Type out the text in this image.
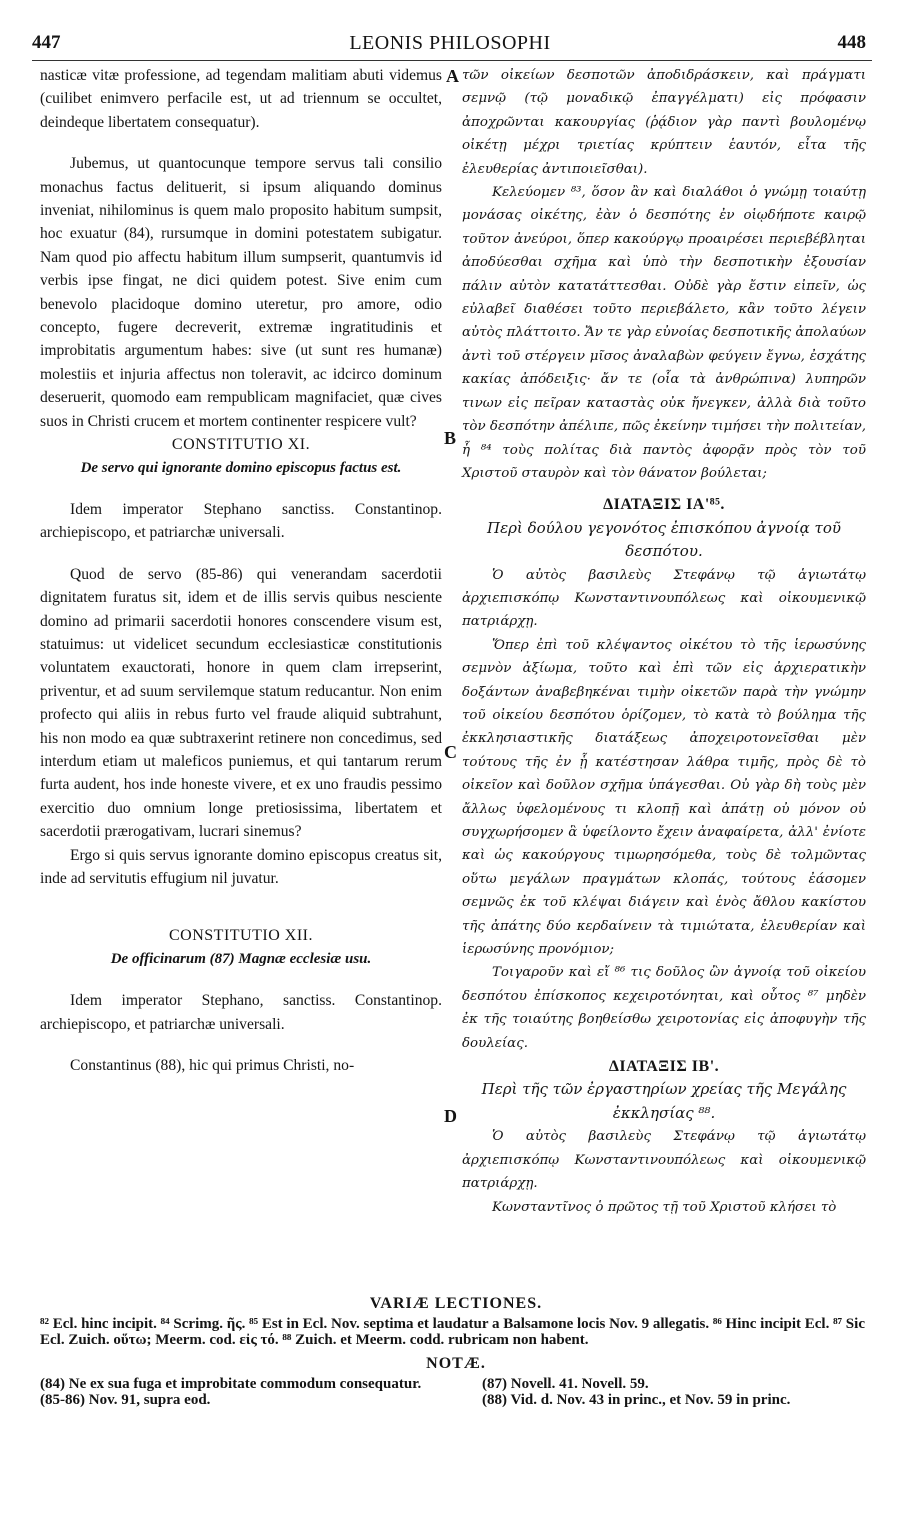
447	LEONIS PHILOSOPHI	448
A
B
C
D

nasticæ vitæ professione, ad tegendam malitiam abuti videmus (cuilibet enimvero perfacile est, ut ad triennum se occultet, deindeque libertatem consequatur).

Jubemus, ut quantocunque tempore servus tali consilio monachus factus delituerit, si ipsum aliquando dominus inveniat, nihilominus is quem malo proposito habitum sumpsit, hoc exuatur (84), rursumque in domini potestatem subigatur. Nam quod pio affectu habitum illum sumpserit, quantumvis id verbis ipse fingat, ne dici quidem potest. Sive enim cum benevolo placidoque domino uteretur, pro amore, odio concepto, fugere decreverit, extremæ ingratitudinis et improbitatis argumentum habes: sive (ut sunt res humanæ) molestiis et injuria affectus non toleravit, ac idcirco dominum deseruerit, quomodo eam rempublicam magnifaciet, quæ cives suos in Christi crucem et mortem continenter respicere vult?

CONSTITUTIO XI.

De servo qui ignorante domino episcopus factus est.

Idem imperator Stephano sanctiss. Constantinop. archiepiscopo, et patriarchæ universali.

Quod de servo (85-86) qui venerandam sacerdotii dignitatem furatus sit, idem et de illis servis quibus nesciente domino ad primarii sacerdotii honores conscendere visum est, statuimus: ut videlicet secundum ecclesiasticæ constitutionis voluntatem exauctorati, honore in quem clam irrepserint, priventur, et ad suum servilemque statum reducantur. Non enim profecto qui aliis in rebus furto vel fraude aliquid subtrahunt, his non modo ea quæ subtraxerint retinere non concedimus, sed interdum etiam ut maleficos puniemus, et qui tantarum rerum furta audent, hos inde honeste vivere, et ex uno fraudis pessimo exercitio duo omnium longe pretiosissima, libertatem et sacerdotii prærogativam, lucrari sinemus?

Ergo si quis servus ignorante domino episcopus creatus sit, inde ad servitutis effugium nil juvatur.

CONSTITUTIO XII.

De officinarum (87) Magnæ ecclesiæ usu.

Idem imperator Stephano, sanctiss. Constantinop. archiepiscopo, et patriarchæ universali.

Constantinus (88), hic qui primus Christi, no-

τῶν οἰκείων δεσποτῶν ἀποδιδράσκειν, καὶ πράγματι σεμνῷ (τῷ μοναδικῷ ἐπαγγέλματι) εἰς πρόφασιν ἀποχρῶνται κακουργίας (ῥᾴδιον γὰρ παντὶ βουλομένῳ οἰκέτῃ μέχρι τριετίας κρύπτειν ἑαυτόν, εἶτα τῆς ἐλευθερίας ἀντιποιεῖσθαι).

Κελεύομεν ⁸³, ὅσον ἂν καὶ διαλάθοι ὁ γνώμῃ τοιαύτῃ μονάσας οἰκέτης, ἐὰν ὁ δεσπότης ἐν οἱῳδήποτε καιρῷ τοῦτον ἀνεύροι, ὅπερ κακούργῳ προαιρέσει περιεβέβληται ἀποδύεσθαι σχῆμα καὶ ὑπὸ τὴν δεσποτικὴν ἐξουσίαν πάλιν αὐτὸν κατατάττεσθαι. Οὐδὲ γὰρ ἔστιν εἰπεῖν, ὡς εὐλαβεῖ διαθέσει τοῦτο περιεβάλετο, κἂν τοῦτο λέγειν αὐτὸς πλάττοιτο. Ἄν τε γὰρ εὐνοίας δεσποτικῆς ἀπολαύων ἀντὶ τοῦ στέργειν μῖσος ἀναλαβὼν φεύγειν ἔγνω, ἐσχάτης κακίας ἀπόδειξις· ἄν τε (οἷα τὰ ἀνθρώπινα) λυπηρῶν τινων εἰς πεῖραν καταστὰς οὐκ ἤνεγκεν, ἀλλὰ διὰ τοῦτο τὸν δεσπότην ἀπέλιπε, πῶς ἐκείνην τιμήσει τὴν πολιτείαν, ἧ ⁸⁴ τοὺς πολίτας διὰ παντὸς ἀφορᾷν πρὸς τὸν τοῦ Χριστοῦ σταυρὸν καὶ τὸν θάνατον βούλεται;

ΔΙΑΤΑΞΙΣ ΙΑ'⁸⁵.

Περὶ δούλου γεγονότος ἐπισκόπου ἀγνοίᾳ τοῦ δεσπότου.

Ὁ αὐτὸς βασιλεὺς Στεφάνῳ τῷ ἁγιωτάτῳ ἀρχιεπισκόπῳ Κωνσταντινουπόλεως καὶ οἰκουμενικῷ πατριάρχῃ.

Ὅπερ ἐπὶ τοῦ κλέψαντος οἰκέτου τὸ τῆς ἱερωσύνης σεμνὸν ἀξίωμα, τοῦτο καὶ ἐπὶ τῶν εἰς ἀρχιερατικὴν δοξάντων ἀναβεβηκέναι τιμὴν οἰκετῶν παρὰ τὴν γνώμην τοῦ οἰκείου δεσπότου ὁρίζομεν, τὸ κατὰ τὸ βούλημα τῆς ἐκκλησιαστικῆς διατάξεως ἀποχειροτονεῖσθαι μὲν τούτους τῆς ἐν ᾗ κατέστησαν λάθρα τιμῆς, πρὸς δὲ τὸ οἰκεῖον καὶ δοῦλον σχῆμα ὑπάγεσθαι. Οὐ γὰρ δὴ τοὺς μὲν ἄλλως ὑφελομένους τι κλοπῇ καὶ ἀπάτῃ οὐ μόνον οὐ συγχωρήσομεν ἃ ὑφείλοντο ἔχειν ἀναφαίρετα, ἀλλ' ἐνίοτε καὶ ὡς κακούργους τιμωρησόμεθα, τοὺς δὲ τολμῶντας οὕτω μεγάλων πραγμάτων κλοπάς, τούτους ἐάσομεν σεμνῶς ἐκ τοῦ κλέψαι διάγειν καὶ ἑνὸς ἄθλου κακίστου τῆς ἀπάτης δύο κερδαίνειν τὰ τιμιώτατα, ἐλευθερίαν καὶ ἱερωσύνης προνόμιον;

Τοιγαροῦν καὶ εἴ ⁸⁶ τις δοῦλος ὢν ἀγνοίᾳ τοῦ οἰκείου δεσπότου ἐπίσκοπος κεχειροτόνηται, καὶ οὗτος ⁸⁷ μηδὲν ἐκ τῆς τοιαύτης βοηθείσθω χειροτονίας εἰς ἀποφυγὴν τῆς δουλείας.

ΔΙΑΤΑΞΙΣ ΙΒ'.

Περὶ τῆς τῶν ἐργαστηρίων χρείας τῆς Μεγάλης ἐκκλησίας ⁸⁸.

Ὁ αὐτὸς βασιλεὺς Στεφάνῳ τῷ ἁγιωτάτῳ ἀρχιεπισκόπῳ Κωνσταντινουπόλεως καὶ οἰκουμενικῷ πατριάρχῃ.

Κωνσταντῖνος ὁ πρῶτος τῇ τοῦ Χριστοῦ κλήσει τὸ

VARIÆ LECTIONES.

⁸² Ecl. hinc incipit. ⁸⁴ Scrimg. ῆς. ⁸⁵ Est in Ecl. Nov. septima et laudatur a Balsamone locis Nov. 9 allegatis. ⁸⁶ Hinc incipit Ecl. ⁸⁷ Sic Ecl. Zuich. οὕτω; Meerm. cod. εἰς τό. ⁸⁸ Zuich. et Meerm. codd. rubricam non habent.

NOTÆ.

(84) Ne ex sua fuga et improbitate commodum consequatur.

(85-86) Nov. 91, supra eod.

(87) Novell. 41. Novell. 59.

(88) Vid. d. Nov. 43 in princ., et Nov. 59 in princ.
